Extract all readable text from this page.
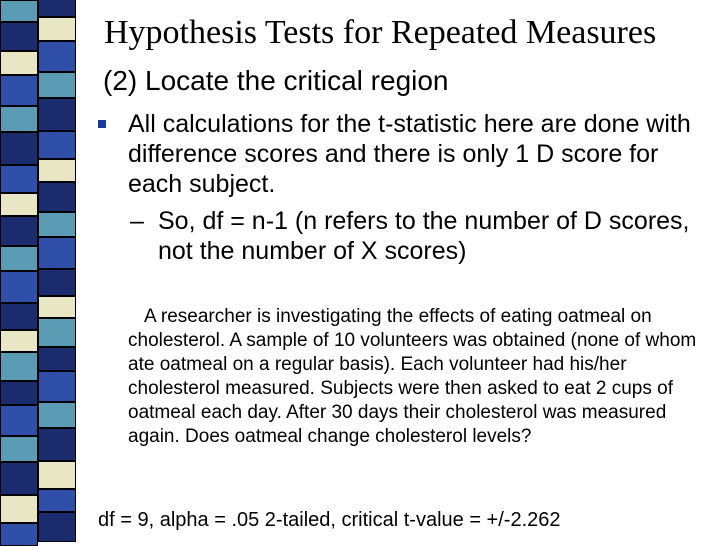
Hypothesis Tests for Repeated Measures
(2) Locate the critical region
All calculations for the t-statistic here are done with difference scores and there is only 1 D score for each subject.
– So, df = n-1 (n refers to the number of D scores, not the number of X scores)
A researcher is investigating the effects of eating oatmeal on cholesterol. A sample of 10 volunteers was obtained (none of whom ate oatmeal on a regular basis). Each volunteer had his/her cholesterol measured. Subjects were then asked to eat 2 cups of oatmeal each day. After 30 days their cholesterol was measured again. Does oatmeal change cholesterol levels?
df = 9, alpha = .05 2-tailed, critical t-value = +/-2.262
